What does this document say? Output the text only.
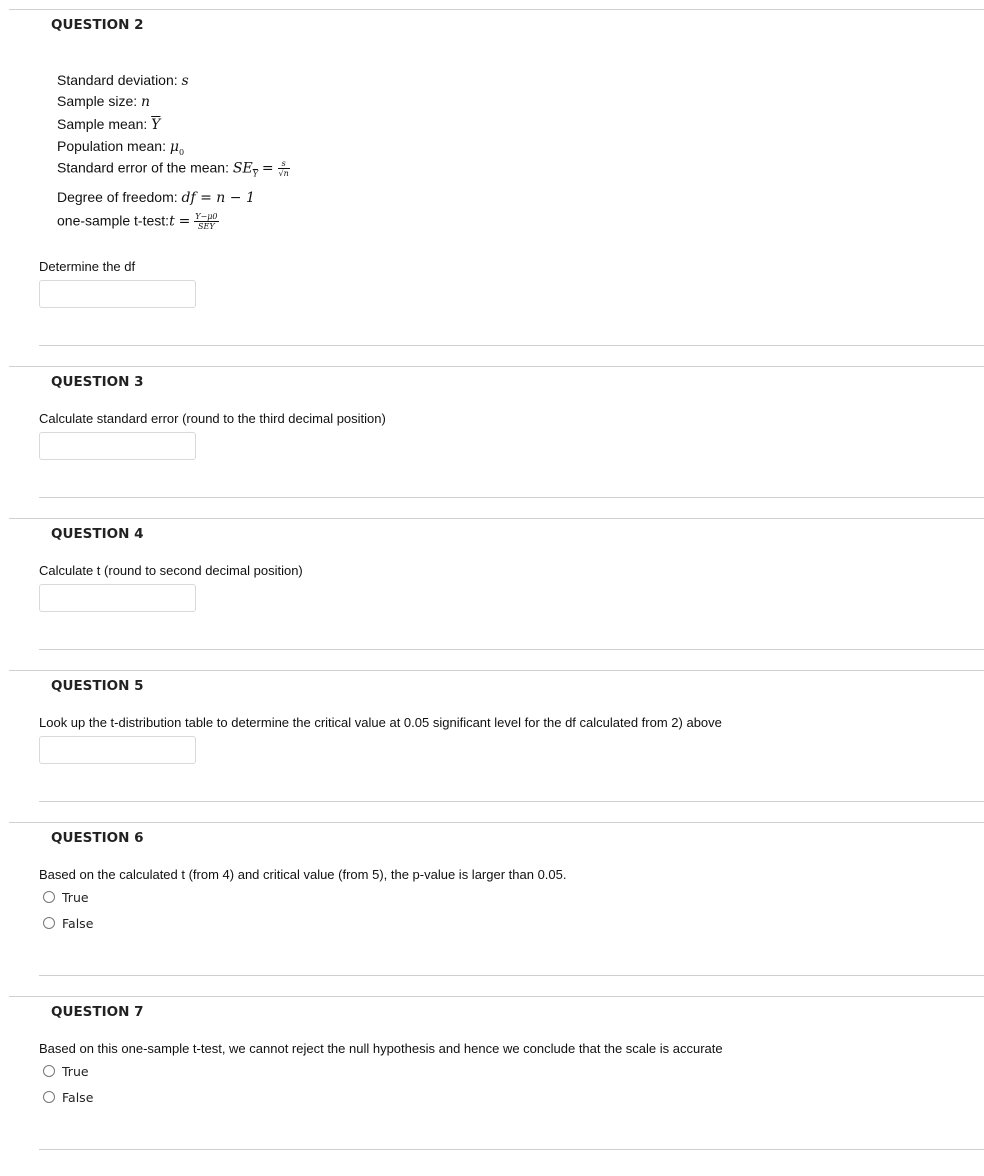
QUESTION 2
Standard deviation: s
Sample size: n
Sample mean: $\overline{Y}$
Population mean: $\mu_0$
Standard error of the mean: $SE_{\overline{Y}} = \frac{s}{√n}$
Degree of freedom: df = n − 1
one-sample t-test:t = $\frac{Y-\mu 0}{\text{SEY}}$
Determine the df
QUESTION 3
Calculate standard error (round to the third decimal position)
QUESTION 4
Calculate t (round to second decimal position)
QUESTION 5
Look up the t-distribution table to determine the critical value at 0.05 significant level for the df calculated from 2) above
QUESTION 6
Based on the calculated t (from 4) and critical value (from 5), the p-value is larger than 0.05.
True
False
QUESTION 7
Based on this one-sample t-test, we cannot reject the null hypothesis and hence we conclude that the scale is accurate
True
False
